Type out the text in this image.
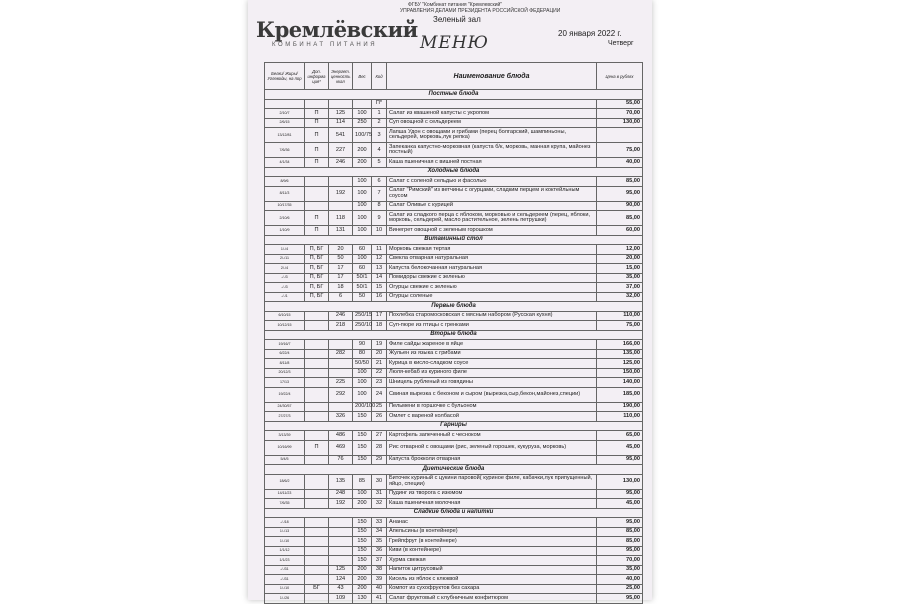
ФГБУ "Комбинат питания "Кремлевский"
УПРАВЛЕНИЯ ДЕЛАМИ ПРЕЗИДЕНТА РОССИЙСКОЙ ФЕДЕРАЦИИ
Кремлёвский
КОМБИНАТ ПИТАНИЯ
Зеленый зал
МЕНЮ	20 января 2022 г.
Четверг
Белки/ Жиры/ Углеводы, на пор	Доп. информа ция*	Энергет. ценность ккал	Вес	Код	Наименование блюда	Цена в рублях
Постные блюда						
				П*		55,00
2/10/7	П	125	100	1	Салат из квашеной капусты с укропом	70,00
2/6/15	П	114	250	2	Суп овощной с сельдереем	130,00
13/12/81	П	541	100/75	3	Лапша Удон с овощами и грибами (перец болгарский, шампиньоны, сельдерей, морковь,лук репка)	
7/6/36	П	227	200	4	Запеканка капустно-морковная (капуста б/к, морковь, манная крупа, майонез постный)	75,00
4/1/34	П	246	200	5	Каша пшеничная с вишней постная	40,00
Холодные блюда						
8/9/6			100	6	Салат с соленой сельдью и фасолью	85,00
8/11/3		192	100	7	Салат "Римский" из ветчины с огурцами, сладким перцем и коктейльным соусом	95,00
10/17/35			100	8	Салат Оливье с курицей	90,00
2/10/6	П	118	100	9	Салат из сладкого перца с яблоком, морковью и сельдереем (перец, яблоки, морковь, сельдерей, масло растительное, зелень петрушки)	85,00
1/10/9	П	131	100	10	Винегрет овощной с зеленым горошком	60,00
Витаминный стол						
1/-/4	П, БГ	20	60	11	Морковь свежая тертая	12,00
2/-/11	П, БГ	50	100	12	Свекла отварная натуральная	20,00
2/-/4	П, БГ	17	60	13	Капуста белокочанная натуральная	15,00
-/-/3	П, БГ	17	50/1	14	Помидоры свежие с зеленью	35,00
-/-/3	П, БГ	18	50/1	15	Огурцы свежие с зеленью	37,00
-/-/1	П, БГ	6	50	16	Огурцы соленые	32,00
Первые блюда						
6/10/15		246	250/15	17	Похлебка старомосковская с мясным набором (Русская кухня)	110,00
10/12/15		218	250/10	18	Суп-пюре из птицы с гренками	75,00
Вторые блюда						
19/16/7			90	19	Филе сайды жареное в яйце	166,00
6/22/4		282	80	20	Жульен из языка с грибами	135,00
8/11/8			50/50	21	Курица в кисло-сладком соусе	125,00
20/12/3			100	22	Люля-кебаб из куриного филе	150,00
17/13		225	100	23	Шницель рубленый из говядины	140,00
19/22/4		292	100	24	Свиная вырезка с беконом и сыром (вырезка,сыр,бекон,майонез,специи)	185,00
24/30/57			200/100	25	Пельмени в горшочке с бульоном	190,00
27/27/3		326	150	26	Омлет с вареной колбасой	110,00
Гарниры						
3/13/39		486	150	27	Картофель запеченный с чесноком	65,00
10/16/99	П	469	150	28	Рис отварной с овощами (рис, зеленый горошек, кукуруза, морковь)	45,00
5/4/5		76	150	29	Капуста брокколи отварная	95,00
Диетические блюда						
18/6/2		135	85	30	Биточек куриный с цукини паровой( куриное филе, кабачки,лук припущенный, яйцо, специи)	130,00
14/11/23		248	100	31	Пудинг из творога с изюмом	95,00
7/6/35		192	200	32	Каша пшеничная молочная	45,00
Сладкие блюда и напитки						
-/-/18			150	33	Ананас	95,00
1/-/13			150	34	Апельсины (в контейнере)	85,00
1/-/10			150	35	Грейпфрут (в контейнере)	85,00
1/1/12			150	36	Киви (в контейнере)	95,00
1/1/23			150	37	Хурма свежая	70,00
-/-/31		125	200	38	Напиток цитрусовый	35,00
-/-/31		124	200	39	Кисель из яблок с клюквой	40,00
1/-/10	БГ	43	200	40	Компот из сухофруктов без сахара	25,00
1/-/26		109	130	41	Салат фруктовый с клубничным конфитюром	95,00
